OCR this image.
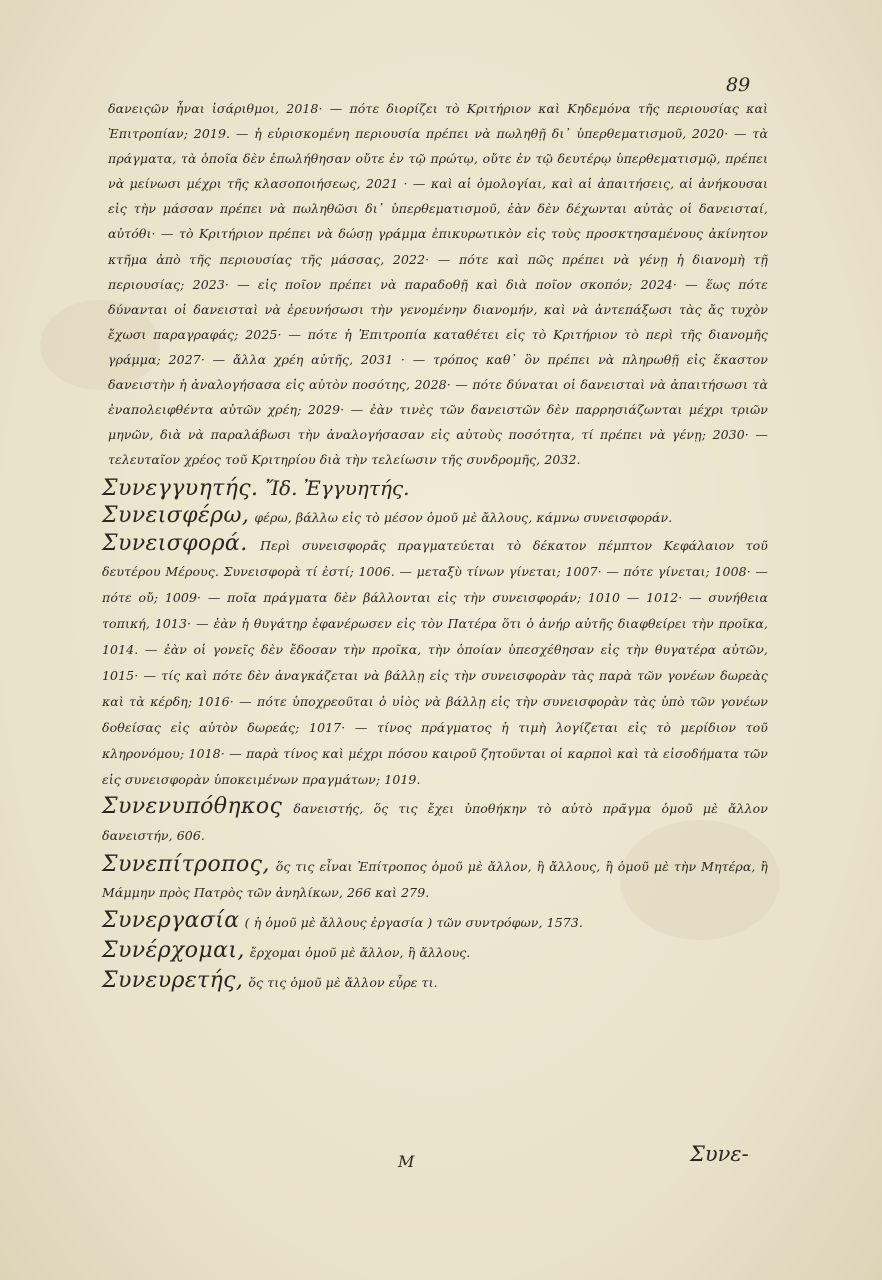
89

δανειςῶν ἦναι ἰσάριθμοι, 2018· — πότε διορίζει τὸ Κριτήριον καὶ Κηδεμόνα τῆς περιουσίας καὶ Ἐπιτροπίαν; 2019. — ἡ εὑρισκομένη περιουσία πρέπει νὰ πωληθῇ δι᾽ ὑπερθεματισμοῦ, 2020· — τὰ πράγματα, τὰ ὁποῖα δὲν ἐπωλήθησαν οὔτε ἐν τῷ πρώτῳ, οὔτε ἐν τῷ δευτέρῳ ὑπερθεματισμῷ, πρέπει νὰ μείνωσι μέχρι τῆς κλασοποιήσεως, 2021 · — καὶ αἱ ὁμολογίαι, καὶ αἱ ἀπαιτήσεις, αἱ ἀνήκουσαι εἰς τὴν μάσσαν πρέπει νὰ πωληθῶσι δι᾽ ὑπερθεματισμοῦ, ἐὰν δὲν δέχωνται αὐτὰς οἱ δανεισταί, αὐτόθι· — τὸ Κριτήριον πρέπει νὰ δώσῃ γράμμα ἐπικυρωτικὸν εἰς τοὺς προσκτησαμένους ἀκίνητον κτῆμα ἀπὸ τῆς περιουσίας τῆς μάσσας, 2022· — πότε καὶ πῶς πρέπει νὰ γένῃ ἡ διανομὴ τῇ περιουσίας; 2023· — εἰς ποῖον πρέπει νὰ παραδοθῇ καὶ διὰ ποῖον σκοπόν; 2024· — ἕως πότε δύνανται οἱ δανεισταὶ νὰ ἐρευνήσωσι τὴν γενομένην διανομήν, καὶ νὰ ἀντεπάξωσι τὰς ἄς τυχὸν ἔχωσι παραγραφάς; 2025· — πότε ἡ Ἐπιτροπία καταθέτει εἰς τὸ Κριτήριον τὸ περὶ τῆς διανομῆς γράμμα; 2027· — ἄλλα χρέη αὐτῆς, 2031 · — τρόπος καθ᾽ ὃν πρέπει νὰ πληρωθῇ εἰς ἕκαστον δανειστὴν ἡ ἀναλογήσασα εἰς αὐτὸν ποσότης, 2028· — πότε δύναται οἱ δανεισταὶ νὰ ἀπαιτήσωσι τὰ ἐναπολειφθέντα αὐτῶν χρέη; 2029· — ἐὰν τινὲς τῶν δανειστῶν δὲν παρρησιάζωνται μέχρι τριῶν μηνῶν, διὰ νὰ παραλάβωσι τὴν ἀναλογήσασαν εἰς αὐτοὺς ποσότητα, τί πρέπει νὰ γένῃ; 2030· — τελευταῖον χρέος τοῦ Κριτηρίου διὰ τὴν τελείωσιν τῆς συνδρομῆς, 2032.

Συνεγγυητής. Ἴδ. Ἐγγυητής.

Συνεισφέρω, φέρω, βάλλω εἰς τὸ μέσον ὁμοῦ μὲ ἄλλους, κάμνω συνεισφοράν.

Συνεισφορά. Περὶ συνεισφορᾶς πραγματεύεται τὸ δέκατον πέμπτον Κεφάλαιον τοῦ δευτέρου Μέρους. Συνεισφορὰ τί ἐστί; 1006. — μεταξὺ τίνων γίνεται; 1007· — πότε γίνεται; 1008· — πότε οὔ; 1009· — ποῖα πράγματα δὲν βάλλονται εἰς τὴν συνεισφοράν; 1010 — 1012· — συνήθεια τοπική, 1013· — ἐὰν ἡ θυγάτηρ ἐφανέρωσεν εἰς τὸν Πατέρα ὅτι ὁ ἀνήρ αὐτῆς διαφθείρει τὴν προῖκα, 1014. — ἐὰν οἱ γονεῖς δὲν ἔδοσαν τὴν προῖκα, τὴν ὁποίαν ὑπεσχέθησαν εἰς τὴν θυγατέρα αὐτῶν, 1015· — τίς καὶ πότε δὲν ἀναγκάζεται νὰ βάλλῃ εἰς τὴν συνεισφορὰν τὰς παρὰ τῶν γονέων δωρεὰς καὶ τὰ κέρδη; 1016· — πότε ὑποχρεοῦται ὁ υἱὸς νὰ βάλλῃ εἰς τὴν συνεισφορὰν τὰς ὑπὸ τῶν γονέων δοθείσας εἰς αὐτὸν δωρεάς; 1017· — τίνος πράγματος ἡ τιμὴ λογίζεται εἰς τὸ μερίδιον τοῦ κληρονόμου; 1018· — παρὰ τίνος καὶ μέχρι πόσου καιροῦ ζητοῦνται οἱ καρποὶ καὶ τὰ εἰσοδήματα τῶν εἰς συνεισφορὰν ὑποκειμένων πραγμάτων; 1019.

Συνενυπόθηκος δανειστής, ὅς τις ἔχει ὑποθήκην τὸ αὐτὸ πρᾶγμα ὁμοῦ μὲ ἄλλον δανειστήν, 606.

Συνεπίτροπος, ὅς τις εἶναι Ἐπίτροπος ὁμοῦ μὲ ἄλλον, ἢ ἄλλους, ἢ ὁμοῦ μὲ τὴν Μητέρα, ἢ Μάμμην πρὸς Πατρὸς τῶν ἀνηλίκων, 266 καὶ 279.

Συνεργασία ( ἡ ὁμοῦ μὲ ἄλλους ἐργασία ) τῶν συντρόφων, 1573.

Συνέρχομαι, ἔρχομαι ὁμοῦ μὲ ἄλλον, ἢ ἄλλους.

Συνευρετής, ὅς τις ὁμοῦ μὲ ἄλλον εὗρε τι.

M	Συνε-
